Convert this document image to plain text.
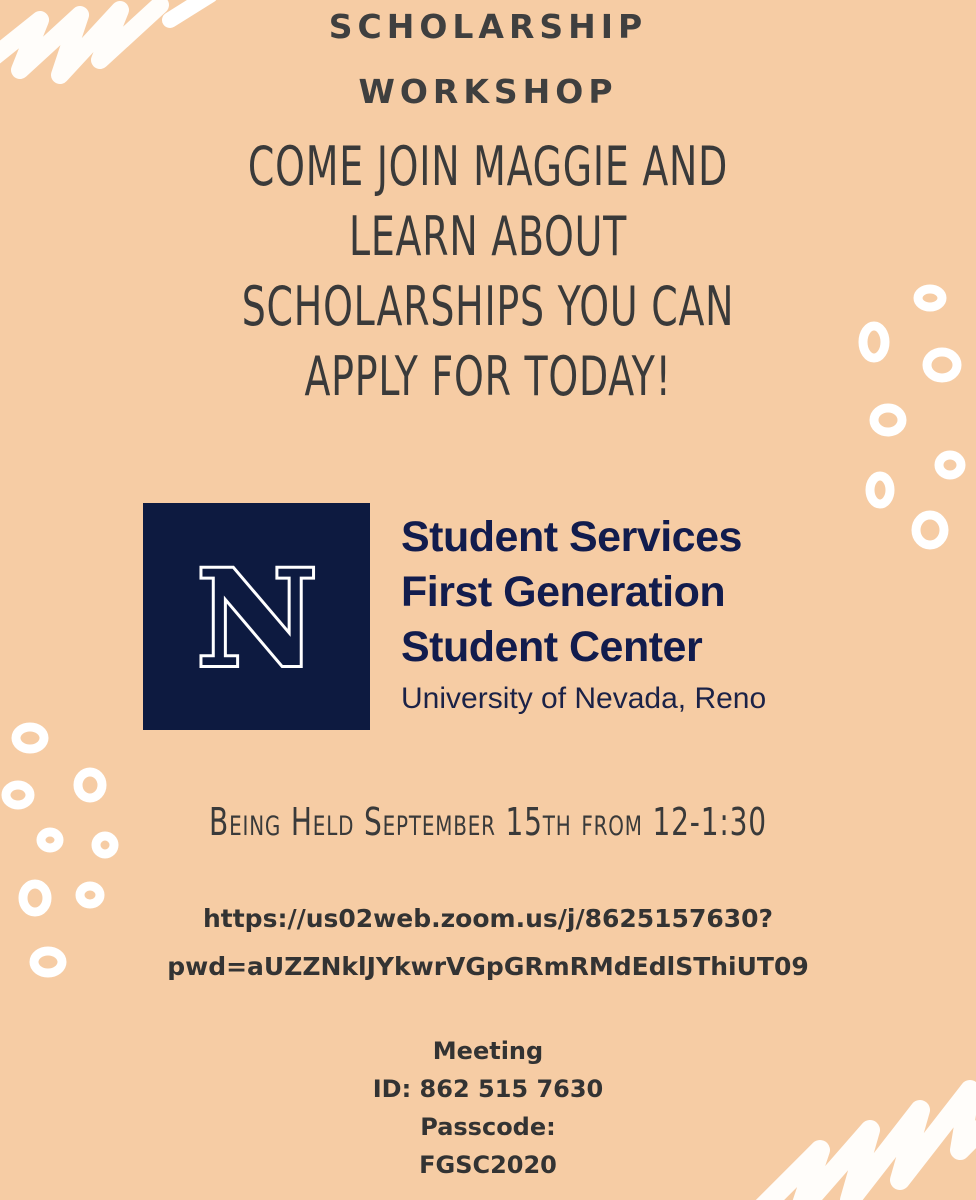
SCHOLARSHIP
WORKSHOP
COME JOIN MAGGIE AND
LEARN ABOUT
SCHOLARSHIPS YOU CAN
APPLY FOR TODAY!
N
Student Services
First Generation
Student Center
University of Nevada, Reno
Being Held September 15th from 12-1:30
https://us02web.zoom.us/j/8625157630?
pwd=aUZZNklJYkwrVGpGRmRMdEdlSThiUT09
Meeting
ID: 862 515 7630
Passcode:
FGSC2020
